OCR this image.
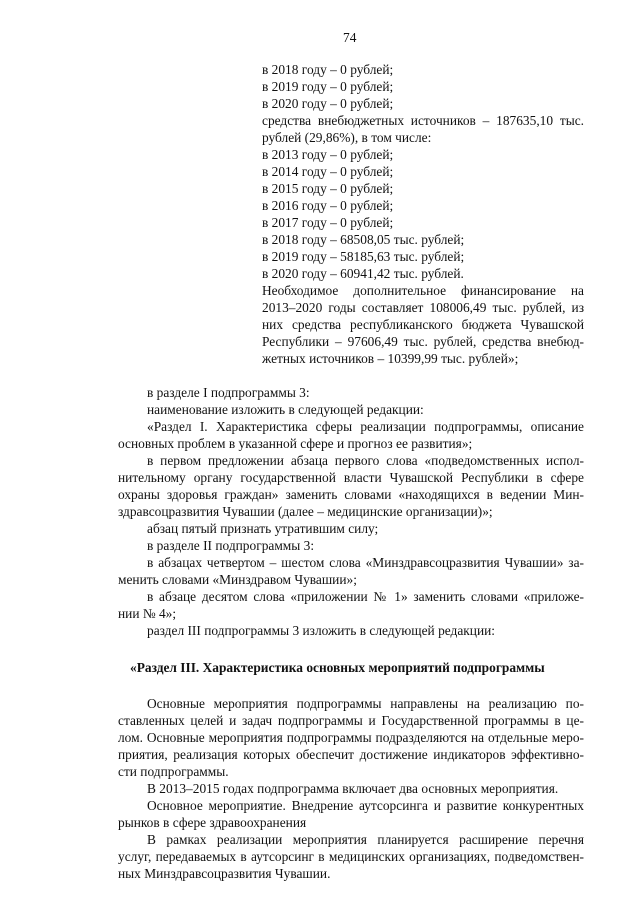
74
в 2018 году – 0 рублей;
в 2019 году – 0 рублей;
в 2020 году – 0 рублей;
средства внебюджетных источников – 187635,10 тыс.
рублей (29,86%), в том числе:
в 2013 году – 0 рублей;
в 2014 году – 0 рублей;
в 2015 году – 0 рублей;
в 2016 году – 0 рублей;
в 2017 году – 0 рублей;
в 2018 году – 68508,05 тыс. рублей;
в 2019 году – 58185,63 тыс. рублей;
в 2020 году – 60941,42 тыс. рублей.
Необходимое дополнительное финансирование на
2013–2020 годы составляет 108006,49 тыс. рублей, из
них средства республиканского бюджета Чувашской
Республики – 97606,49 тыс. рублей, средства внебюд-
жетных источников – 10399,99 тыс. рублей»;
в разделе I подпрограммы 3:
наименование изложить в следующей редакции:
«Раздел I. Характеристика сферы реализации подпрограммы, описание
основных проблем в указанной сфере и прогноз ее развития»;
в первом предложении абзаца первого слова «подведомственных испол-
нительному органу государственной власти Чувашской Республики в сфере
охраны здоровья граждан» заменить словами «находящихся в ведении Мин-
здравсоцразвития Чувашии (далее – медицинские организации)»;
абзац пятый признать утратившим силу;
в разделе II подпрограммы 3:
в абзацах четвертом – шестом слова «Минздравсоцразвития Чувашии» за-
менить словами «Минздравом Чувашии»;
в абзаце десятом слова «приложении № 1» заменить словами «приложе-
нии № 4»;
раздел III подпрограммы 3 изложить в следующей редакции:
«Раздел III. Характеристика основных мероприятий подпрограммы
Основные мероприятия подпрограммы направлены на реализацию по-
ставленных целей и задач подпрограммы и Государственной программы в це-
лом. Основные мероприятия подпрограммы подразделяются на отдельные меро-
приятия, реализация которых обеспечит достижение индикаторов эффективно-
сти подпрограммы.
В 2013–2015 годах подпрограмма включает два основных мероприятия.
Основное мероприятие. Внедрение аутсорсинга и развитие конкурентных
рынков в сфере здравоохранения
В рамках реализации мероприятия планируется расширение перечня
услуг, передаваемых в аутсорсинг в медицинских организациях, подведомствен-
ных Минздравсоцразвития Чувашии.
